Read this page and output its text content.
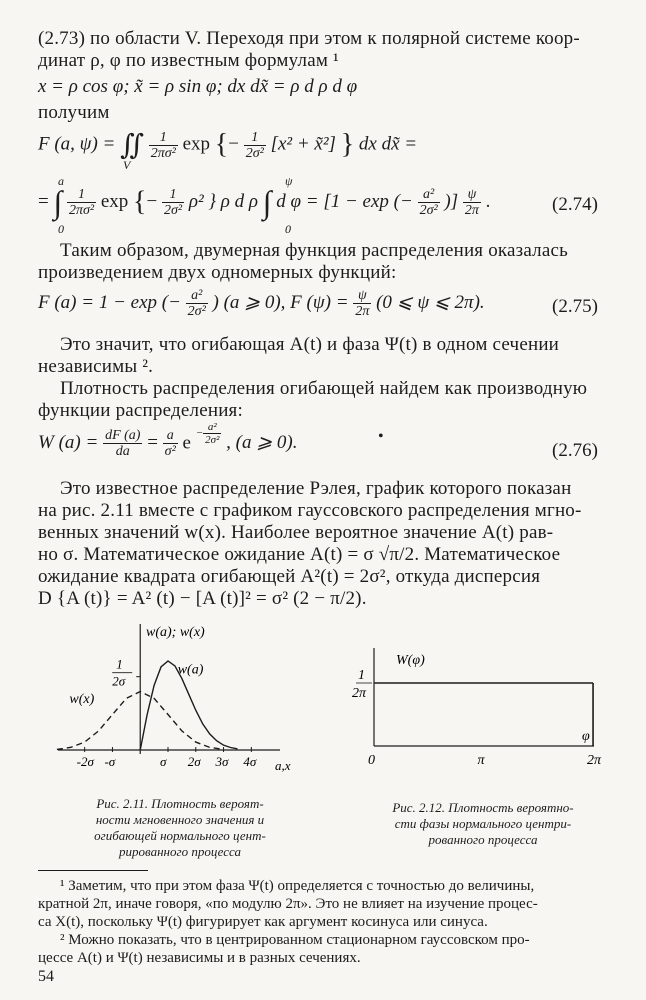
(2.73) по области V. Переходя при этом к полярной системе коор-
динат ρ, φ по известным формулам ¹
x = ρ cos φ; x̃ = ρ sin φ; dx dx̃ = ρ d ρ d φ
получим
F (a, ψ) = ∬ $\frac{1}{\text{2πσ²}}$ exp {− $\frac{1}{\text{2σ²}} [x^2$ + x̃²] } dx dx̃ =
V
= ∫ $\frac{1}{\text{2πσ²}}$ exp {− $\frac{1}{\text{2σ²}} \rho^2$ } ρ d ρ ∫ d φ = [1 − exp (− $\frac{\text{a²}}{\text{2σ²}}$ )] $\frac{\psi}{2\pi}$ .
a
0
ψ
0
(2.74)
Таким образом, двумерная функция распределения оказалась
произведением двух одномерных функций:
F (a) = 1 − exp (− $\frac{\text{a²}}{\text{2σ²}}$ ) (a ⩾ 0), F $(\psi) = \frac{\psi}{2\pi} (0$ ⩽ ψ ⩽ 2π).	(2.75)
Это значит, что огибающая A(t) и фаза Ψ(t) в одном сечении
независимы ².
Плотность распределения огибающей найдем как производную
функции распределения:
W $(a) = \frac{dF (a)}{da} = \frac{a}{\text{σ²}}$ e $^{- \frac{\text{a²}}{\text{2σ²}}}$ , (a ⩾ 0).	•
(2.76)
Это известное распределение Рэлея, график которого показан
на рис. 2.11 вместе с графиком гауссовского распределения мгно-
венных значений w(x). Наиболее вероятное значение A(t) рав-
но σ. Математическое ожидание A(t) = σ √π/2. Математическое
ожидание квадрата огибающей A²(t) = 2σ², откуда дисперсия
D {A (t)} = A² (t) − [A (t)]² = σ² (2 − π/2).
w(a); w(x)
a,x
-2σ -σ	σ 2σ 3σ 4σ
1
2σ
w(a)
w(x)
W(φ)
φ
0	π	2π
1
2π
Рис. 2.11. Плотность вероят-
ности мгновенного значения и
огибающей нормального цент-
рированного процесса
Рис. 2.12. Плотность вероятно-
сти фазы нормального центри-
рованного процесса
¹ Заметим, что при этом фаза Ψ(t) определяется с точностью до величины,
кратной 2π, иначе говоря, «по модулю 2π». Это не влияет на изучение процес-
са X(t), поскольку Ψ(t) фигурирует как аргумент косинуса или синуса.
² Можно показать, что в центрированном стационарном гауссовском про-
цессе A(t) и Ψ(t) независимы и в разных сечениях.
54
